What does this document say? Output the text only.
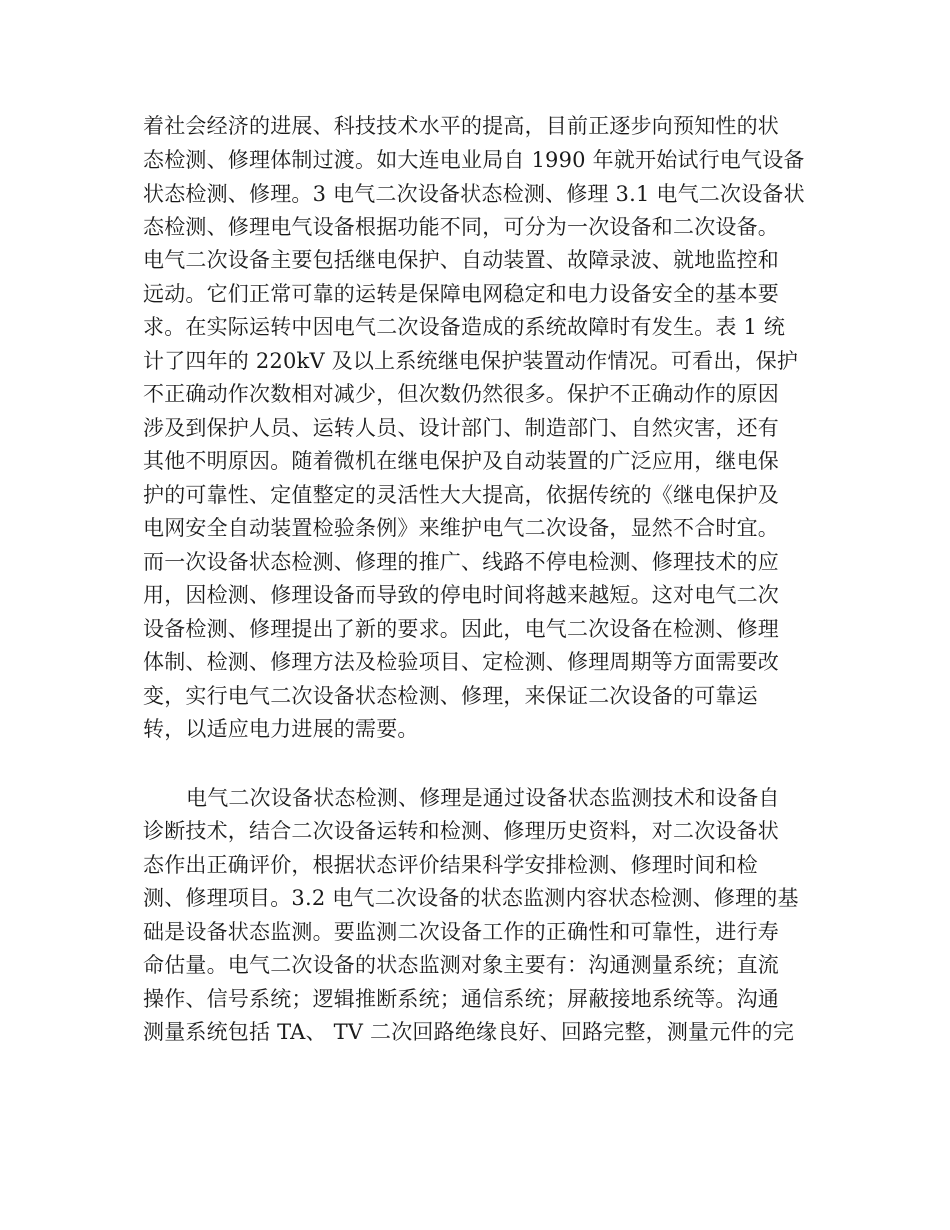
着社会经济的进展、科技技术水平的提高，目前正逐步向预知性的状
态检测、修理体制过渡。如大连电业局自 1990 年就开始试行电气设备
状态检测、修理。3 电气二次设备状态检测、修理 3.1 电气二次设备状
态检测、修理电气设备根据功能不同，可分为一次设备和二次设备。
电气二次设备主要包括继电保护、自动装置、故障录波、就地监控和
远动。它们正常可靠的运转是保障电网稳定和电力设备安全的基本要
求。在实际运转中因电气二次设备造成的系统故障时有发生。表 1 统
计了四年的 220kV 及以上系统继电保护装置动作情况。可看出，保护
不正确动作次数相对减少，但次数仍然很多。保护不正确动作的原因
涉及到保护人员、运转人员、设计部门、制造部门、自然灾害，还有
其他不明原因。随着微机在继电保护及自动装置的广泛应用，继电保
护的可靠性、定值整定的灵活性大大提高，依据传统的《继电保护及
电网安全自动装置检验条例》来维护电气二次设备，显然不合时宜。
而一次设备状态检测、修理的推广、线路不停电检测、修理技术的应
用，因检测、修理设备而导致的停电时间将越来越短。这对电气二次
设备检测、修理提出了新的要求。因此，电气二次设备在检测、修理
体制、检测、修理方法及检验项目、定检测、修理周期等方面需要改
变，实行电气二次设备状态检测、修理，来保证二次设备的可靠运
转，以适应电力进展的需要。
电气二次设备状态检测、修理是通过设备状态监测技术和设备自
诊断技术，结合二次设备运转和检测、修理历史资料，对二次设备状
态作出正确评价，根据状态评价结果科学安排检测、修理时间和检
测、修理项目。3.2 电气二次设备的状态监测内容状态检测、修理的基
础是设备状态监测。要监测二次设备工作的正确性和可靠性，进行寿
命估量。电气二次设备的状态监测对象主要有：沟通测量系统；直流
操作、信号系统；逻辑推断系统；通信系统；屏蔽接地系统等。沟通
测量系统包括 TA、 TV 二次回路绝缘良好、回路完整，测量元件的完
